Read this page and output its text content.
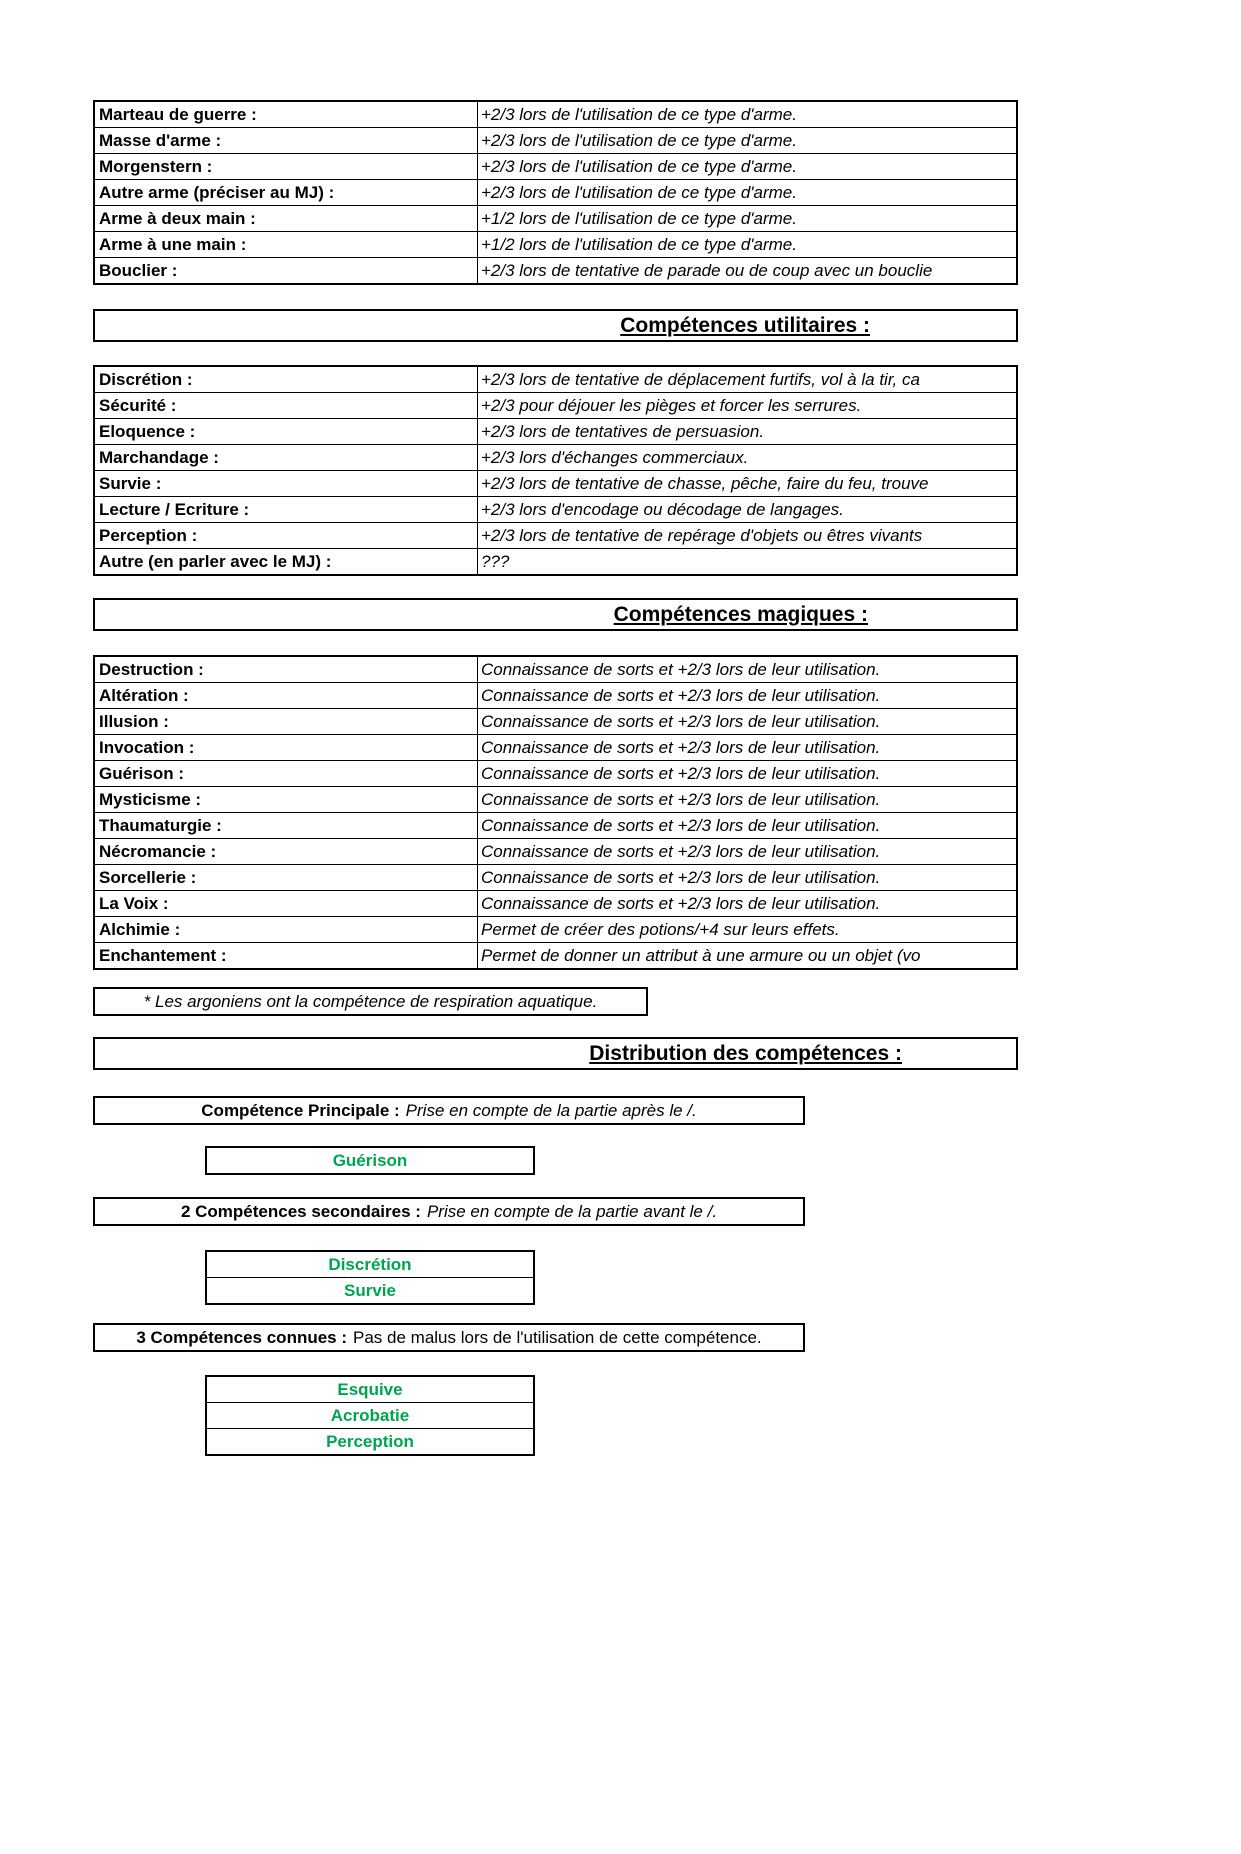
Marteau de guerre :	+2/3 lors de l'utilisation de ce type d'arme.
Masse d'arme :	+2/3 lors de l'utilisation de ce type d'arme.
Morgenstern :	+2/3 lors de l'utilisation de ce type d'arme.
Autre arme (préciser au MJ) :	+2/3 lors de l'utilisation de ce type d'arme.
Arme à deux main :	+1/2 lors de l'utilisation de ce type d'arme.
Arme à une main :	+1/2 lors de l'utilisation de ce type d'arme.
Bouclier :	+2/3 lors de tentative de parade ou de coup avec un bouclie
Compétences utilitaires :
Discrétion :	+2/3 lors de tentative de déplacement furtifs, vol à la tir, ca
Sécurité :	+2/3 pour déjouer les pièges et forcer les serrures.
Eloquence :	+2/3 lors de tentatives de persuasion.
Marchandage :	+2/3 lors d'échanges commerciaux.
Survie :	+2/3 lors de tentative de chasse, pêche, faire du feu, trouve
Lecture / Ecriture :	+2/3 lors d'encodage ou décodage de langages.
Perception :	+2/3 lors de tentative de repérage d'objets ou êtres vivants
Autre (en parler avec le MJ) :	???
Compétences magiques :
Destruction :	Connaissance de sorts et +2/3 lors de leur utilisation.
Altération :	Connaissance de sorts et +2/3 lors de leur utilisation.
Illusion :	Connaissance de sorts et +2/3 lors de leur utilisation.
Invocation :	Connaissance de sorts et +2/3 lors de leur utilisation.
Guérison :	Connaissance de sorts et +2/3 lors de leur utilisation.
Mysticisme :	Connaissance de sorts et +2/3 lors de leur utilisation.
Thaumaturgie :	Connaissance de sorts et +2/3 lors de leur utilisation.
Nécromancie :	Connaissance de sorts et +2/3 lors de leur utilisation.
Sorcellerie :	Connaissance de sorts et +2/3 lors de leur utilisation.
La Voix :	Connaissance de sorts et +2/3 lors de leur utilisation.
Alchimie :	Permet de créer des potions/+4 sur leurs effets.
Enchantement :	Permet de donner un attribut à une armure ou un objet (vo
* Les argoniens ont la compétence de respiration aquatique.
Distribution des compétences :
Compétence Principale : Prise en compte de la partie après le /.
Guérison
2 Compétences secondaires : Prise en compte de la partie avant le /.
Discrétion
Survie
3 Compétences connues : Pas de malus lors de l'utilisation de cette compétence.
Esquive
Acrobatie
Perception
